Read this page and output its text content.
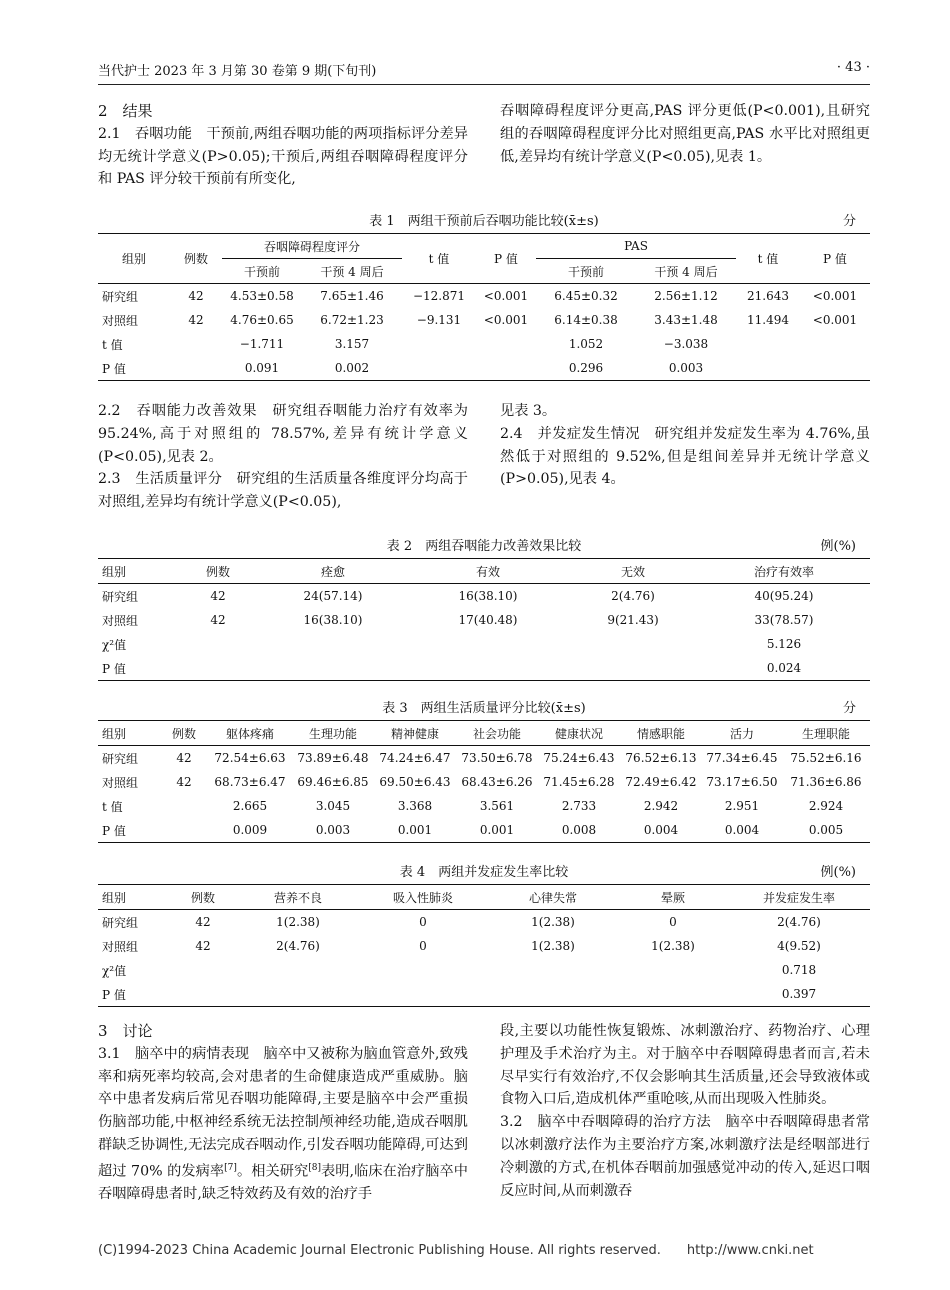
当代护士 2023 年 3 月第 30 卷第 9 期(下旬刊)	· 43 ·

2　结果

2.1　吞咽功能　干预前,两组吞咽功能的两项指标评分差异均无统计学意义(P>0.05);干预后,两组吞咽障碍程度评分和 PAS 评分较干预前有所变化,

吞咽障碍程度评分更高,PAS 评分更低(P<0.001),且研究组的吞咽障碍程度评分比对照组更高,PAS 水平比对照组更低,差异均有统计学意义(P<0.05),见表 1。

表 1　两组干预前后吞咽功能比较(x̄±s)	分
组别	例数	吞咽障碍程度评分		t 值	P 值	PAS		t 值	P 值
		干预前	干预 4 周后			干预前	干预 4 周后		
研究组	42	4.53±0.58	7.65±1.46	−12.871	<0.001	6.45±0.32	2.56±1.12	21.643	<0.001
对照组	42	4.76±0.65	6.72±1.23	−9.131	<0.001	6.14±0.38	3.43±1.48	11.494	<0.001
t 值		−1.711	3.157			1.052	−3.038		
P 值		0.091	0.002			0.296	0.003		

2.2　吞咽能力改善效果　研究组吞咽能力治疗有效率为 95.24%,高于对照组的 78.57%,差异有统计学意义(P<0.05),见表 2。

2.3　生活质量评分　研究组的生活质量各维度评分均高于对照组,差异均有统计学意义(P<0.05),

见表 3。

2.4　并发症发生情况　研究组并发症发生率为 4.76%,虽然低于对照组的 9.52%,但是组间差异并无统计学意义(P>0.05),见表 4。

表 2　两组吞咽能力改善效果比较	例(%)
组别	例数	痊愈	有效	无效	治疗有效率
研究组	42	24(57.14)	16(38.10)	2(4.76)	40(95.24)
对照组	42	16(38.10)	17(40.48)	9(21.43)	33(78.57)
χ²值					5.126
P 值					0.024
表 3　两组生活质量评分比较(x̄±s)	分
组别	例数	躯体疼痛	生理功能	精神健康	社会功能	健康状况	情感职能	活力	生理职能
研究组	42	72.54±6.63	73.89±6.48	74.24±6.47	73.50±6.78	75.24±6.43	76.52±6.13	77.34±6.45	75.52±6.16
对照组	42	68.73±6.47	69.46±6.85	69.50±6.43	68.43±6.26	71.45±6.28	72.49±6.42	73.17±6.50	71.36±6.86
t 值		2.665	3.045	3.368	3.561	2.733	2.942	2.951	2.924
P 值		0.009	0.003	0.001	0.001	0.008	0.004	0.004	0.005
表 4　两组并发症发生率比较	例(%)
组别	例数	营养不良	吸入性肺炎	心律失常	晕厥	并发症发生率
研究组	42	1(2.38)	0	1(2.38)	0	2(4.76)
对照组	42	2(4.76)	0	1(2.38)	1(2.38)	4(9.52)
χ²值						0.718
P 值						0.397

3　讨论

3.1　脑卒中的病情表现　脑卒中又被称为脑血管意外,致残率和病死率均较高,会对患者的生命健康造成严重威胁。脑卒中患者发病后常见吞咽功能障碍,主要是脑卒中会严重损伤脑部功能,中枢神经系统无法控制颅神经功能,造成吞咽肌群缺乏协调性,无法完成吞咽动作,引发吞咽功能障碍,可达到超过 70% 的发病率[7]。相关研究[8]表明,临床在治疗脑卒中吞咽障碍患者时,缺乏特效药及有效的治疗手

段,主要以功能性恢复锻炼、冰刺激治疗、药物治疗、心理护理及手术治疗为主。对于脑卒中吞咽障碍患者而言,若未尽早实行有效治疗,不仅会影响其生活质量,还会导致液体或食物入口后,造成机体严重呛咳,从而出现吸入性肺炎。

3.2　脑卒中吞咽障碍的治疗方法　脑卒中吞咽障碍患者常以冰刺激疗法作为主要治疗方案,冰刺激疗法是经咽部进行冷刺激的方式,在机体吞咽前加强感觉冲动的传入,延迟口咽反应时间,从而刺激吞

(C)1994-2023 China Academic Journal Electronic Publishing House. All rights reserved.　　http://www.cnki.net
